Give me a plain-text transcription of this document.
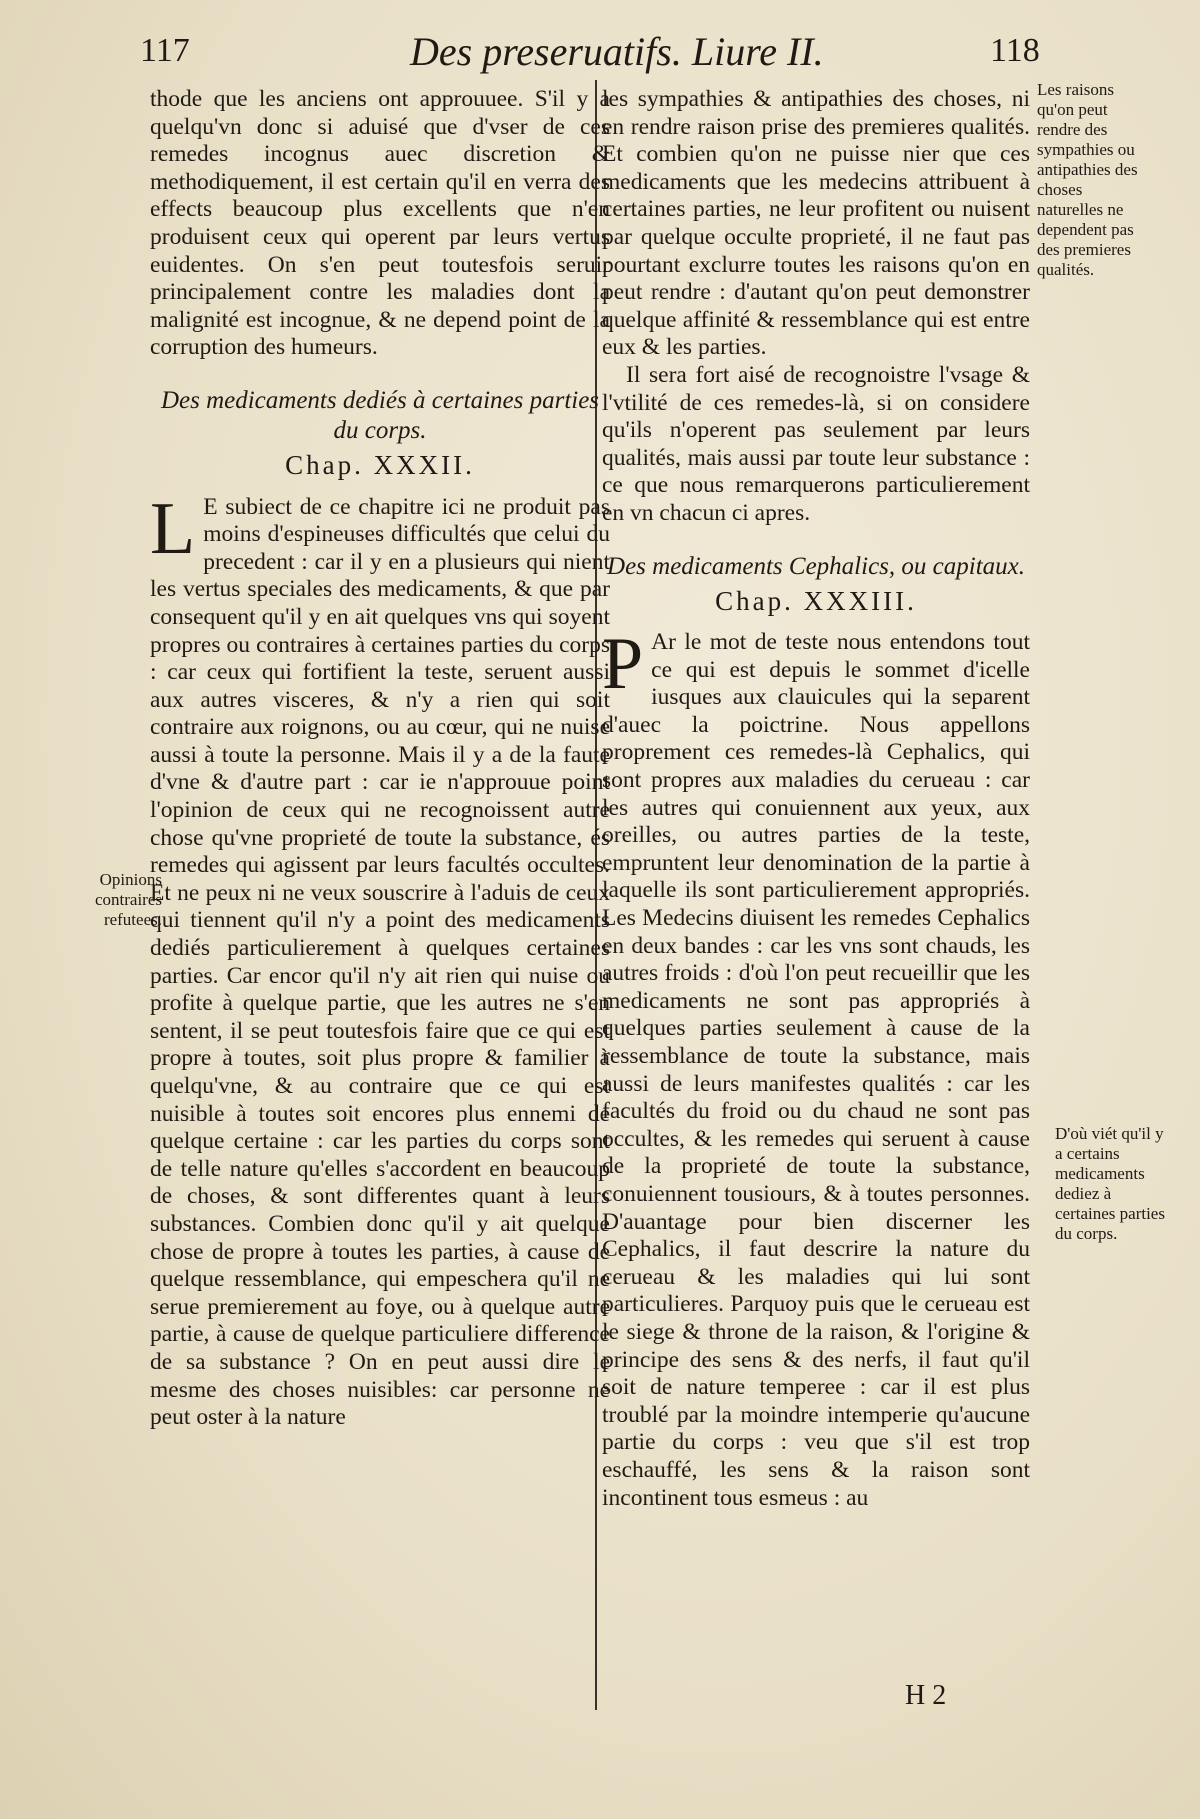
117	Des preseruatifs. Liure II.	118

thode que les anciens ont approuuee. S'il y a quelqu'vn donc si aduisé que d'vser de ces remedes incognus auec discretion & methodiquement, il est certain qu'il en verra des effects beaucoup plus excellents que n'en produisent ceux qui operent par leurs vertus euidentes. On s'en peut toutesfois seruir principalement contre les maladies dont la malignité est incognue, & ne depend point de la corruption des humeurs.

Des medicaments dediés à certaines parties du corps.

Chap. XXXII.

L E subiect de ce chapitre ici ne produit pas moins d'espineuses difficultés que celui du precedent : car il y en a plusieurs qui nient les vertus speciales des medicaments, & que par consequent qu'il y en ait quelques vns qui soyent propres ou contraires à certaines parties du corps : car ceux qui fortifient la teste, seruent aussi aux autres visceres, & n'y a rien qui soit contraire aux roignons, ou au cœur, qui ne nuise aussi à toute la personne. Mais il y a de la faute d'vne & d'autre part : car ie n'approuue point l'opinion de ceux qui ne recognoissent autre chose qu'vne proprieté de toute la substance, és remedes qui agissent par leurs facultés occultes. Et ne peux ni ne veux souscrire à l'aduis de ceux qui tiennent qu'il n'y a point des medicaments dediés particulierement à quelques certaines parties. Car encor qu'il n'y ait rien qui nuise ou profite à quelque partie, que les autres ne s'en sentent, il se peut toutesfois faire que ce qui est propre à toutes, soit plus propre & familier à quelqu'vne, & au contraire que ce qui est nuisible à toutes soit encores plus ennemi de quelque certaine : car les parties du corps sont de telle nature qu'elles s'accordent en beaucoup de choses, & sont differentes quant à leurs substances. Combien donc qu'il y ait quelque chose de propre à toutes les parties, à cause de quelque ressemblance, qui empeschera qu'il ne serue premierement au foye, ou à quelque autre partie, à cause de quelque particuliere difference de sa substance ? On en peut aussi dire le mesme des choses nuisibles: car personne ne peut oster à la nature

les sympathies & antipathies des choses, ni en rendre raison prise des premieres qualités. Et combien qu'on ne puisse nier que ces medicaments que les medecins attribuent à certaines parties, ne leur profitent ou nuisent par quelque occulte proprieté, il ne faut pas pourtant exclurre toutes les raisons qu'on en peut rendre : d'autant qu'on peut demonstrer quelque affinité & ressemblance qui est entre eux & les parties.

Il sera fort aisé de recognoistre l'vsage & l'vtilité de ces remedes-là, si on considere qu'ils n'operent pas seulement par leurs qualités, mais aussi par toute leur substance : ce que nous remarquerons particulierement en vn chacun ci apres.

Des medicaments Cephalics, ou capitaux.

Chap. XXXIII.

P Ar le mot de teste nous entendons tout ce qui est depuis le sommet d'icelle iusques aux clauicules qui la separent d'auec la poictrine. Nous appellons proprement ces remedes-là Cephalics, qui sont propres aux maladies du cerueau : car les autres qui conuiennent aux yeux, aux oreilles, ou autres parties de la teste, empruntent leur denomination de la partie à laquelle ils sont particulierement appropriés. Les Medecins diuisent les remedes Cephalics en deux bandes : car les vns sont chauds, les autres froids : d'où l'on peut recueillir que les medicaments ne sont pas appropriés à quelques parties seulement à cause de la ressemblance de toute la substance, mais aussi de leurs manifestes qualités : car les facultés du froid ou du chaud ne sont pas occultes, & les remedes qui seruent à cause de la proprieté de toute la substance, conuiennent tousiours, & à toutes personnes. D'auantage pour bien discerner les Cephalics, il faut descrire la nature du cerueau & les maladies qui lui sont particulieres. Parquoy puis que le cerueau est le siege & throne de la raison, & l'origine & principe des sens & des nerfs, il faut qu'il soit de nature temperee : car il est plus troublé par la moindre intemperie qu'aucune partie du corps : veu que s'il est trop eschauffé, les sens & la raison sont incontinent tous esmeus : au

Opinions contraires refutees.
Les raisons qu'on peut rendre des sympathies ou antipathies des choses naturelles ne dependent pas des premieres qualités.
D'où viét qu'il y a certains medicaments dediez à certaines parties du corps.
H 2
